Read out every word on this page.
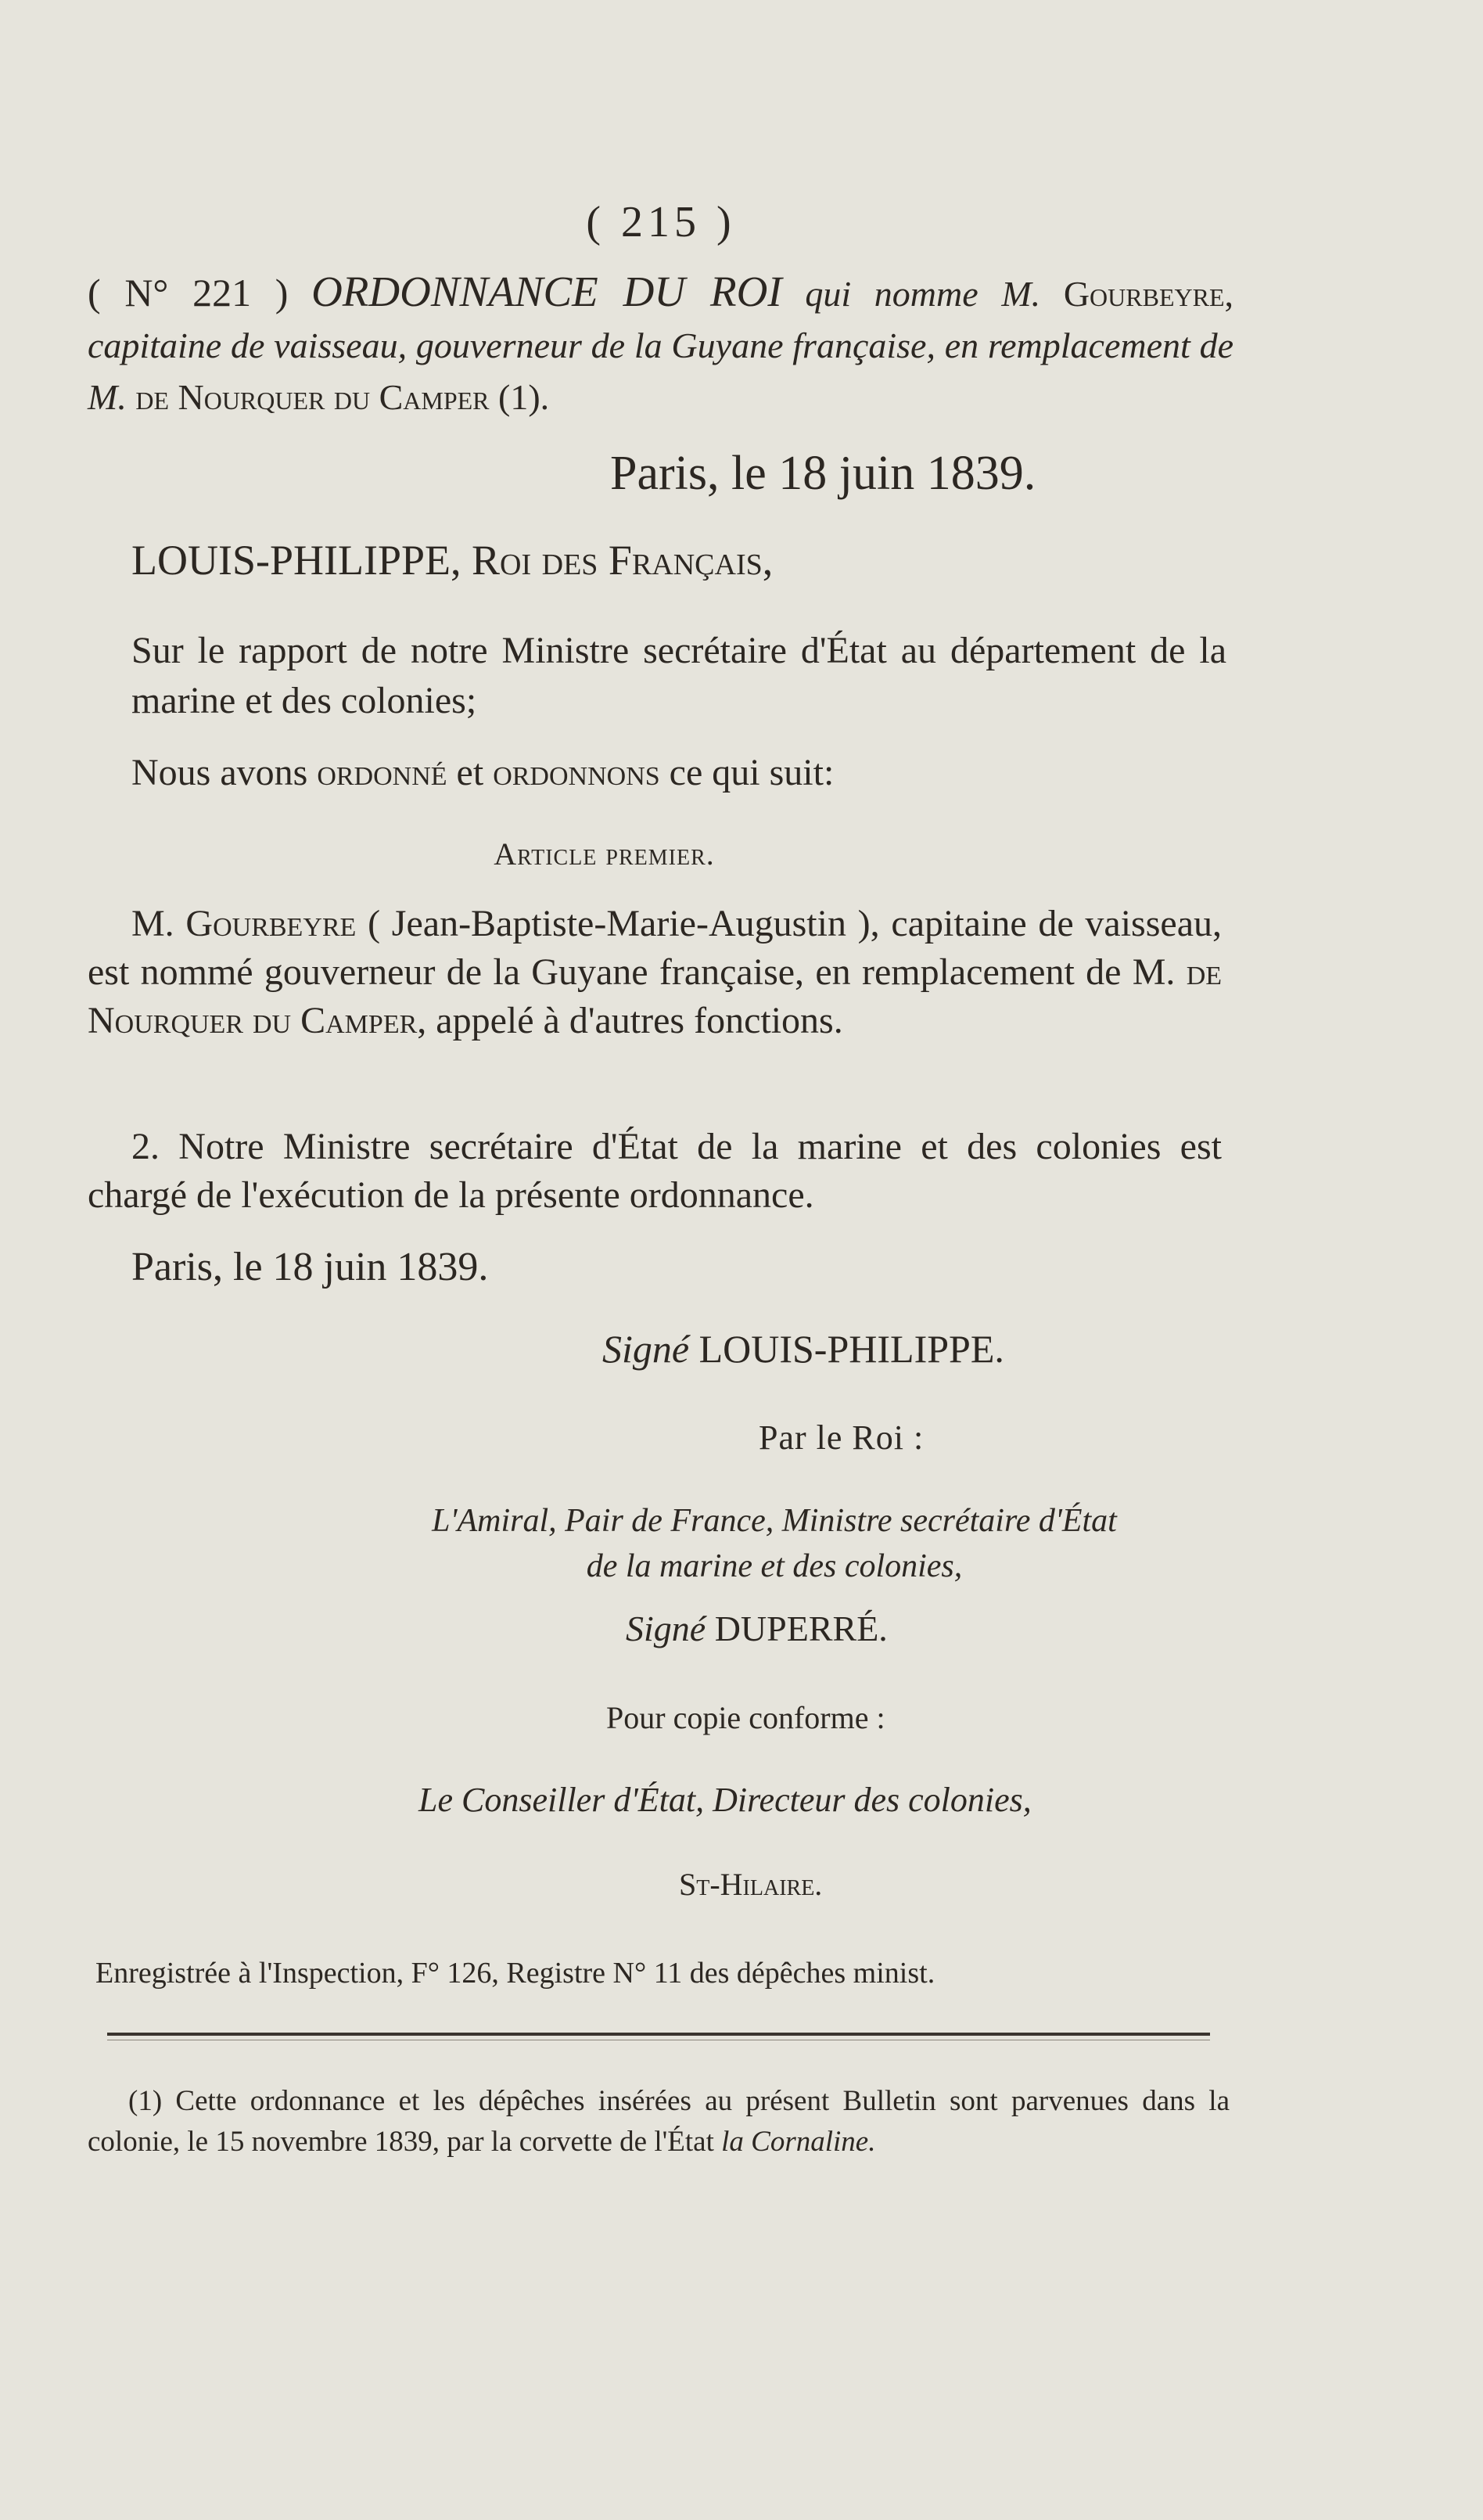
( 215 )

( N° 221 ) ORDONNANCE DU ROI qui nomme M. Gourbeyre, capitaine de vaisseau, gouverneur de la Guyane française, en remplacement de M. de Nourquer du Camper (1).

Paris, le 18 juin 1839.
LOUIS-PHILIPPE, Roi des Français,

Sur le rapport de notre Ministre secrétaire d'État au département de la marine et des colonies;

Nous avons ordonné et ordonnons ce qui suit:
Article premier.

M. Gourbeyre ( Jean-Baptiste-Marie-Augustin ), capitaine de vaisseau, est nommé gouverneur de la Guyane française, en remplacement de M. de Nourquer du Camper, appelé à d'autres fonctions.

2. Notre Ministre secrétaire d'État de la marine et des colonies est chargé de l'exécution de la présente ordonnance.

Paris, le 18 juin 1839.
Signé LOUIS-PHILIPPE.
Par le Roi :
L'Amiral, Pair de France, Ministre secrétaire d'État
de la marine et des colonies,
Signé DUPERRÉ.
Pour copie conforme :
Le Conseiller d'État, Directeur des colonies,
St-Hilaire.
Enregistrée à l'Inspection, F° 126, Registre N° 11 des dépêches minist.

(1) Cette ordonnance et les dépêches insérées au présent Bulletin sont parvenues dans la colonie, le 15 novembre 1839, par la corvette de l'État la Cornaline.
